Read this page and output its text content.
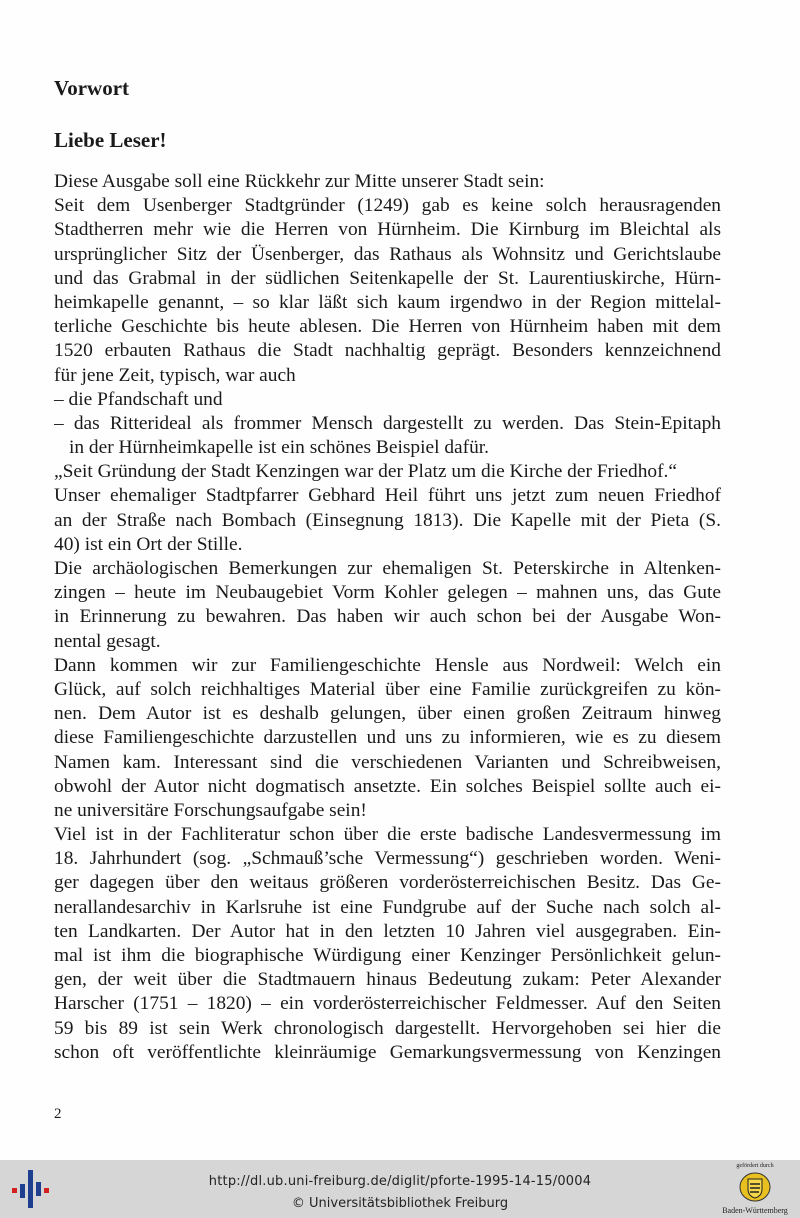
Vorwort
Liebe Leser!
Diese Ausgabe soll eine Rückkehr zur Mitte unserer Stadt sein:
Seit dem Usenberger Stadtgründer (1249) gab es keine solch herausragenden
Stadtherren mehr wie die Herren von Hürnheim. Die Kirnburg im Bleichtal als
ursprünglicher Sitz der Üsenberger, das Rathaus als Wohnsitz und Gerichtslaube
und das Grabmal in der südlichen Seitenkapelle der St. Laurentiuskirche, Hürn-
heimkapelle genannt, – so klar läßt sich kaum irgendwo in der Region mittelal-
terliche Geschichte bis heute ablesen. Die Herren von Hürnheim haben mit dem
1520 erbauten Rathaus die Stadt nachhaltig geprägt. Besonders kennzeichnend
für jene Zeit, typisch, war auch
– die Pfandschaft und
– das Ritterideal als frommer Mensch dargestellt zu werden. Das Stein-Epitaph
in der Hürnheimkapelle ist ein schönes Beispiel dafür.
„Seit Gründung der Stadt Kenzingen war der Platz um die Kirche der Friedhof.“
Unser ehemaliger Stadtpfarrer Gebhard Heil führt uns jetzt zum neuen Friedhof
an der Straße nach Bombach (Einsegnung 1813). Die Kapelle mit der Pieta (S.
40) ist ein Ort der Stille.
Die archäologischen Bemerkungen zur ehemaligen St. Peterskirche in Altenken-
zingen – heute im Neubaugebiet Vorm Kohler gelegen – mahnen uns, das Gute
in Erinnerung zu bewahren. Das haben wir auch schon bei der Ausgabe Won-
nental gesagt.
Dann kommen wir zur Familiengeschichte Hensle aus Nordweil: Welch ein
Glück, auf solch reichhaltiges Material über eine Familie zurückgreifen zu kön-
nen. Dem Autor ist es deshalb gelungen, über einen großen Zeitraum hinweg
diese Familiengeschichte darzustellen und uns zu informieren, wie es zu diesem
Namen kam. Interessant sind die verschiedenen Varianten und Schreibweisen,
obwohl der Autor nicht dogmatisch ansetzte. Ein solches Beispiel sollte auch ei-
ne universitäre Forschungsaufgabe sein!
Viel ist in der Fachliteratur schon über die erste badische Landesvermessung im
18. Jahrhundert (sog. „Schmauß’sche Vermessung“) geschrieben worden. Weni-
ger dagegen über den weitaus größeren vorderösterreichischen Besitz. Das Ge-
nerallandesarchiv in Karlsruhe ist eine Fundgrube auf der Suche nach solch al-
ten Landkarten. Der Autor hat in den letzten 10 Jahren viel ausgegraben. Ein-
mal ist ihm die biographische Würdigung einer Kenzinger Persönlichkeit gelun-
gen, der weit über die Stadtmauern hinaus Bedeutung zukam: Peter Alexander
Harscher (1751 – 1820) – ein vorderösterreichischer Feldmesser. Auf den Seiten
59 bis 89 ist sein Werk chronologisch dargestellt. Hervorgehoben sei hier die
schon oft veröffentlichte kleinräumige Gemarkungsvermessung von Kenzingen
2
http://dl.ub.uni-freiburg.de/diglit/pforte-1995-14-15/0004
© Universitätsbibliothek Freiburg
gefördert durch
Baden-Württemberg
